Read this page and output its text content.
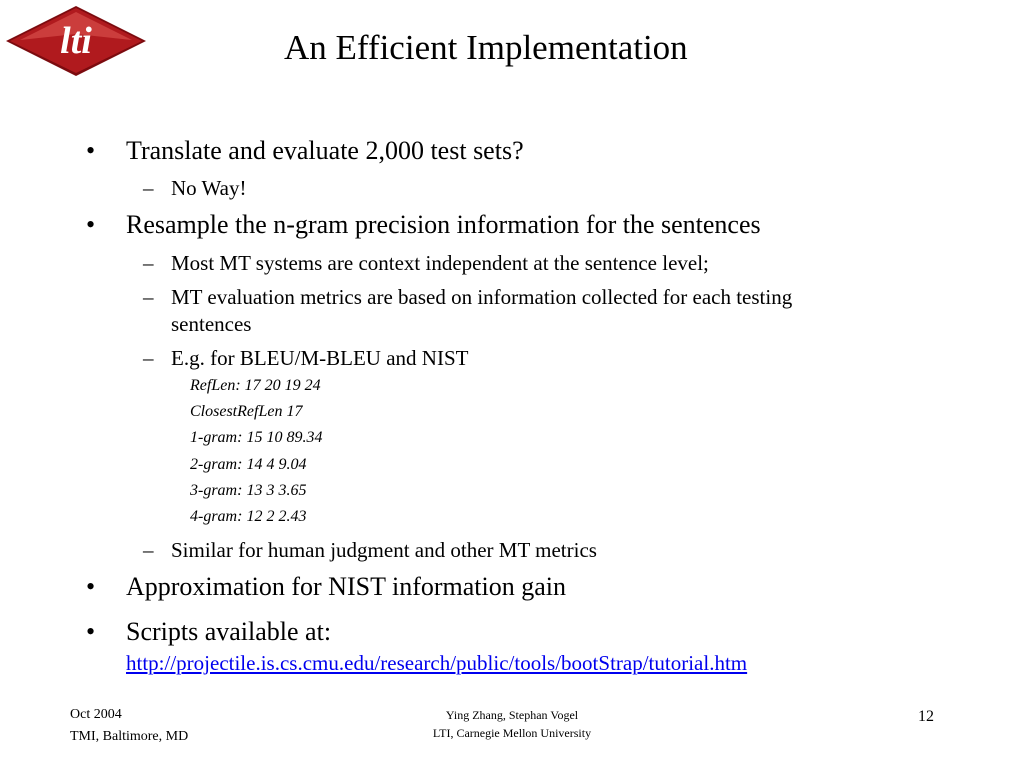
lti	An Efficient Implementation
• Translate and evaluate 2,000 test sets?
– No Way!
• Resample the n-gram precision information for the sentences
– Most MT systems are context independent at the sentence level;
– MT evaluation metrics are based on information collected for each testing
sentences
– E.g. for BLEU/M-BLEU and NIST
RefLen: 17 20 19 24
ClosestRefLen 17
1-gram: 15 10 89.34
2-gram: 14 4 9.04
3-gram: 13 3 3.65
4-gram: 12 2 2.43
– Similar for human judgment and other MT metrics
• Approximation for NIST information gain
• Scripts available at:
http://projectile.is.cs.cmu.edu/research/public/tools/bootStrap/tutorial.htm
Oct 2004
TMI, Baltimore, MD
Ying Zhang, Stephan Vogel
LTI, Carnegie Mellon University
12
